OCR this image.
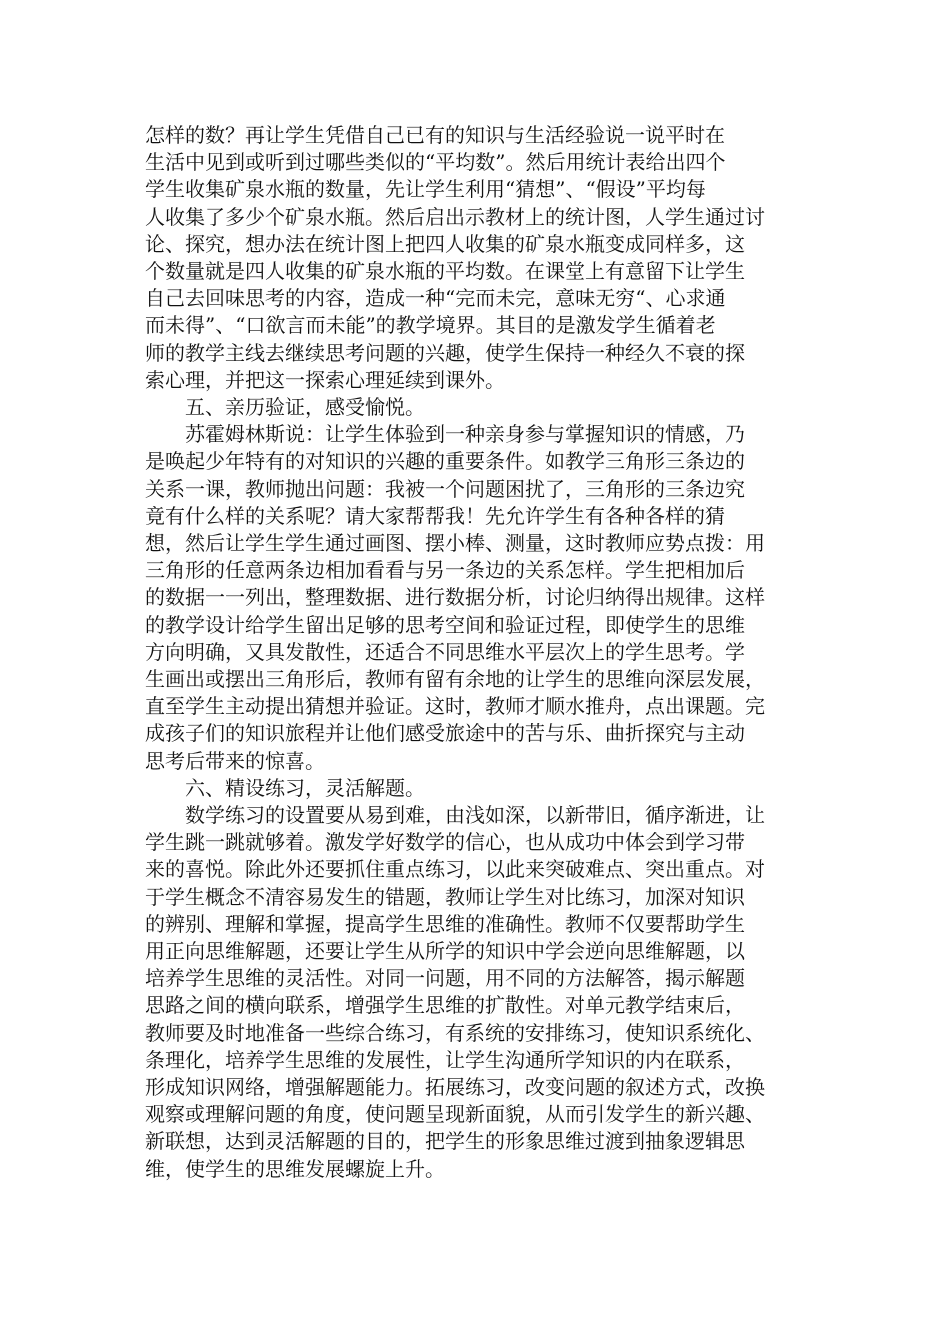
怎样的数？再让学生凭借自己已有的知识与生活经验说一说平时在
生活中见到或听到过哪些类似的“平均数”。然后用统计表给出四个
学生收集矿泉水瓶的数量，先让学生利用“猜想”、“假设”平均每
人收集了多少个矿泉水瓶。然后启出示教材上的统计图，人学生通过讨
论、探究，想办法在统计图上把四人收集的矿泉水瓶变成同样多，这
个数量就是四人收集的矿泉水瓶的平均数。在课堂上有意留下让学生
自己去回味思考的内容，造成一种“完而未完，意味无穷“、心求通
而未得”、“口欲言而未能”的教学境界。其目的是激发学生循着老
师的教学主线去继续思考问题的兴趣，使学生保持一种经久不衰的探
索心理，并把这一探索心理延续到课外。
五、亲历验证，感受愉悦。
苏霍姆林斯说：让学生体验到一种亲身参与掌握知识的情感，乃
是唤起少年特有的对知识的兴趣的重要条件。如教学三角形三条边的
关系一课，教师抛出问题：我被一个问题困扰了，三角形的三条边究
竟有什么样的关系呢？请大家帮帮我！先允许学生有各种各样的猜
想，然后让学生学生通过画图、摆小棒、测量，这时教师应势点拨：用
三角形的任意两条边相加看看与另一条边的关系怎样。学生把相加后
的数据一一列出，整理数据、进行数据分析，讨论归纳得出规律。这样
的教学设计给学生留出足够的思考空间和验证过程，即使学生的思维
方向明确，又具发散性，还适合不同思维水平层次上的学生思考。学
生画出或摆出三角形后，教师有留有余地的让学生的思维向深层发展，
直至学生主动提出猜想并验证。这时，教师才顺水推舟，点出课题。完
成孩子们的知识旅程并让他们感受旅途中的苦与乐、曲折探究与主动
思考后带来的惊喜。
六、精设练习，灵活解题。
数学练习的设置要从易到难，由浅如深，以新带旧，循序渐进，让
学生跳一跳就够着。激发学好数学的信心，也从成功中体会到学习带
来的喜悦。除此外还要抓住重点练习，以此来突破难点、突出重点。对
于学生概念不清容易发生的错题，教师让学生对比练习，加深对知识
的辨别、理解和掌握，提高学生思维的准确性。教师不仅要帮助学生
用正向思维解题，还要让学生从所学的知识中学会逆向思维解题，以
培养学生思维的灵活性。对同一问题，用不同的方法解答，揭示解题
思路之间的横向联系，增强学生思维的扩散性。对单元教学结束后，
教师要及时地准备一些综合练习，有系统的安排练习，使知识系统化、
条理化，培养学生思维的发展性，让学生沟通所学知识的内在联系，
形成知识网络，增强解题能力。拓展练习，改变问题的叙述方式，改换
观察或理解问题的角度，使问题呈现新面貌，从而引发学生的新兴趣、
新联想，达到灵活解题的目的，把学生的形象思维过渡到抽象逻辑思
维，使学生的思维发展螺旋上升。
